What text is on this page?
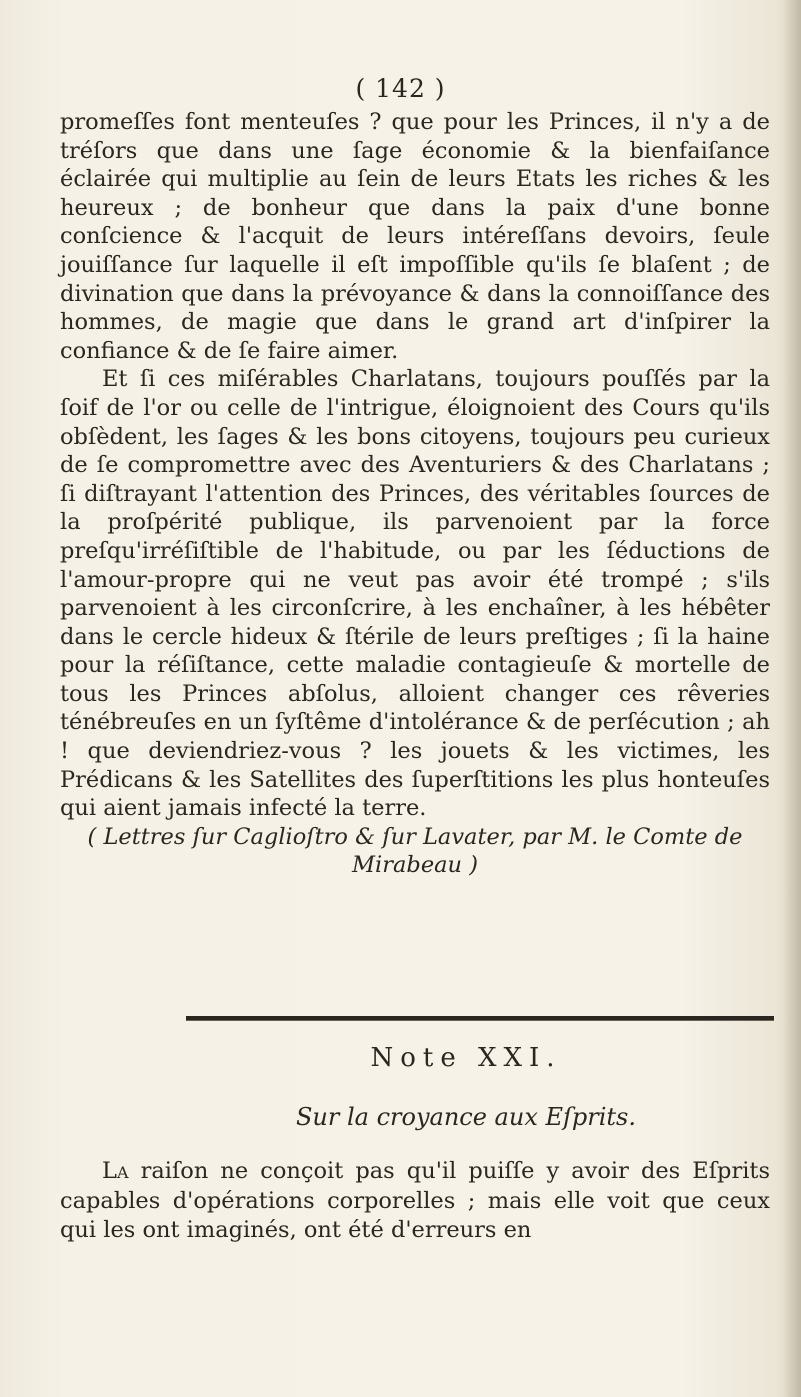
( 142 )

promeſſes font menteuſes ? que pour les Princes, il n'y a de tréſors que dans une ſage économie & la bienfaiſance éclairée qui multiplie au ſein de leurs Etats les riches & les heureux ; de bonheur que dans la paix d'une bonne conſcience & l'acquit de leurs intéreſſans devoirs, ſeule jouiſſance ſur laquelle il eſt impoſſible qu'ils ſe blaſent ; de divination que dans la prévoyance & dans la connoiſſance des hommes, de magie que dans le grand art d'inſpirer la confiance & de ſe faire aimer.

Et ſi ces miſérables Charlatans, toujours pouſſés par la ſoif de l'or ou celle de l'intrigue, éloignoient des Cours qu'ils obſèdent, les ſages & les bons citoyens, toujours peu curieux de ſe compromettre avec des Aventuriers & des Charlatans ; ſi diſtrayant l'attention des Princes, des véritables ſources de la proſpérité publique, ils parvenoient par la force preſqu'irréſiſtible de l'habitude, ou par les ſéductions de l'amour-propre qui ne veut pas avoir été trompé ; s'ils parvenoient à les circonſcrire, à les enchaîner, à les hébêter dans le cercle hideux & ſtérile de leurs preſtiges ; ſi la haine pour la réſiſtance, cette maladie contagieuſe & mortelle de tous les Princes abſolus, alloient changer ces rêveries ténébreuſes en un ſyſtême d'intolérance & de perſécution ; ah ! que deviendriez-vous ? les jouets & les victimes, les Prédicans & les Satellites des ſuperſtitions les plus honteuſes qui aient jamais infecté la terre.

( Lettres ſur Caglioſtro & ſur Lavater, par M. le Comte de Mirabeau )
Note XXI.
Sur la croyance aux Eſprits.

La raiſon ne conçoit pas qu'il puiſſe y avoir des Eſprits capables d'opérations corporelles ; mais elle voit que ceux qui les ont imaginés, ont été d'erreurs en
